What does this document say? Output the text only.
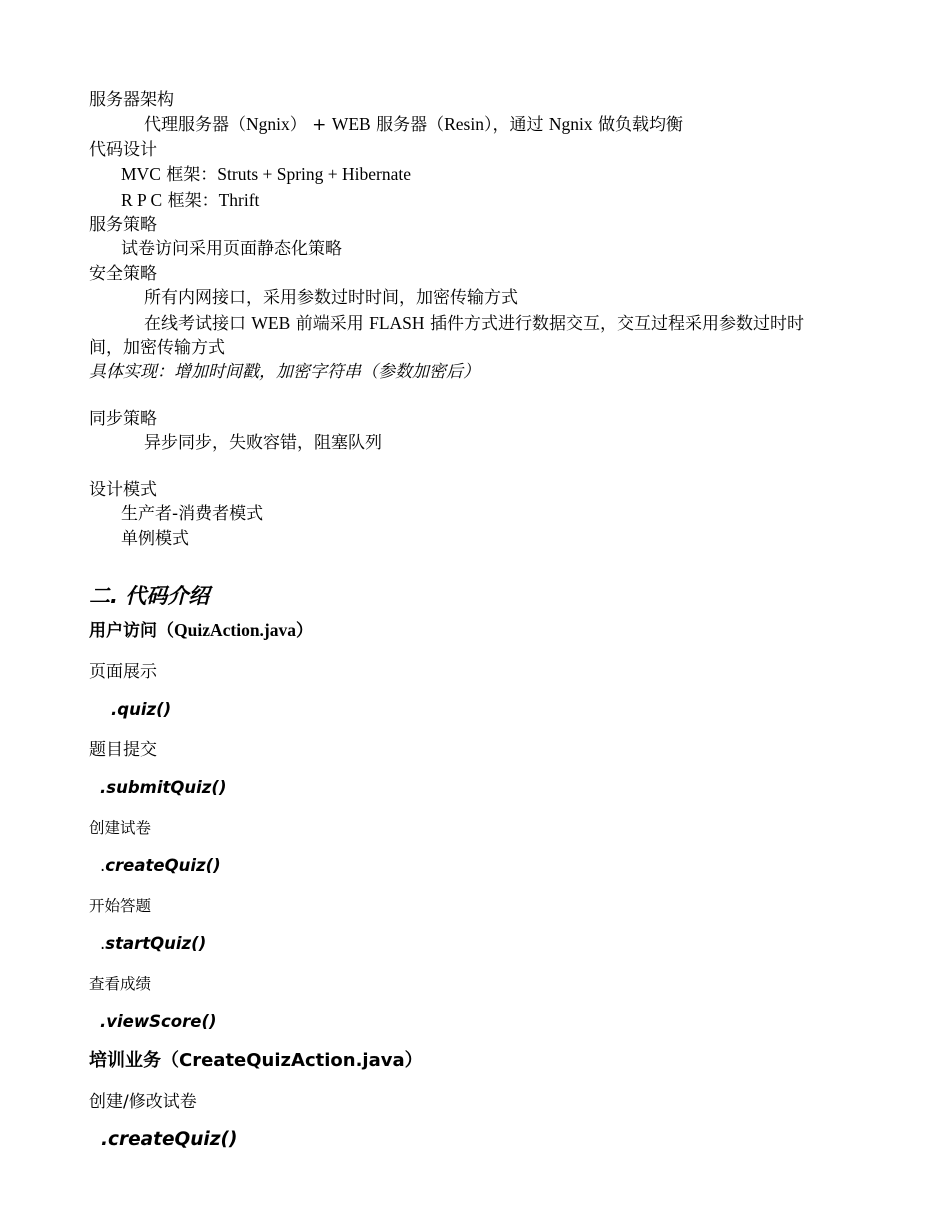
服务器架构
代理服务器（Ngnix） + WEB 服务器（Resin），通过 Ngnix 做负载均衡
代码设计
MVC 框架：Struts + Spring + Hibernate
R P C 框架：Thrift
服务策略
试卷访问采用页面静态化策略
安全策略
所有内网接口，采用参数过时时间，加密传输方式
在线考试接口 WEB 前端采用 FLASH 插件方式进行数据交互，交互过程采用参数过时时
间，加密传输方式
具体实现：增加时间戳，加密字符串（参数加密后）
同步策略
异步同步，失败容错，阻塞队列
设计模式
生产者-消费者模式
单例模式
二. 代码介绍
用户访问（QuizAction.java）
页面展示
.quiz()
题目提交
.submitQuiz()
创建试卷
.createQuiz()
开始答题
.startQuiz()
查看成绩
.viewScore()
培训业务（CreateQuizAction.java）
创建/修改试卷
.createQuiz()
